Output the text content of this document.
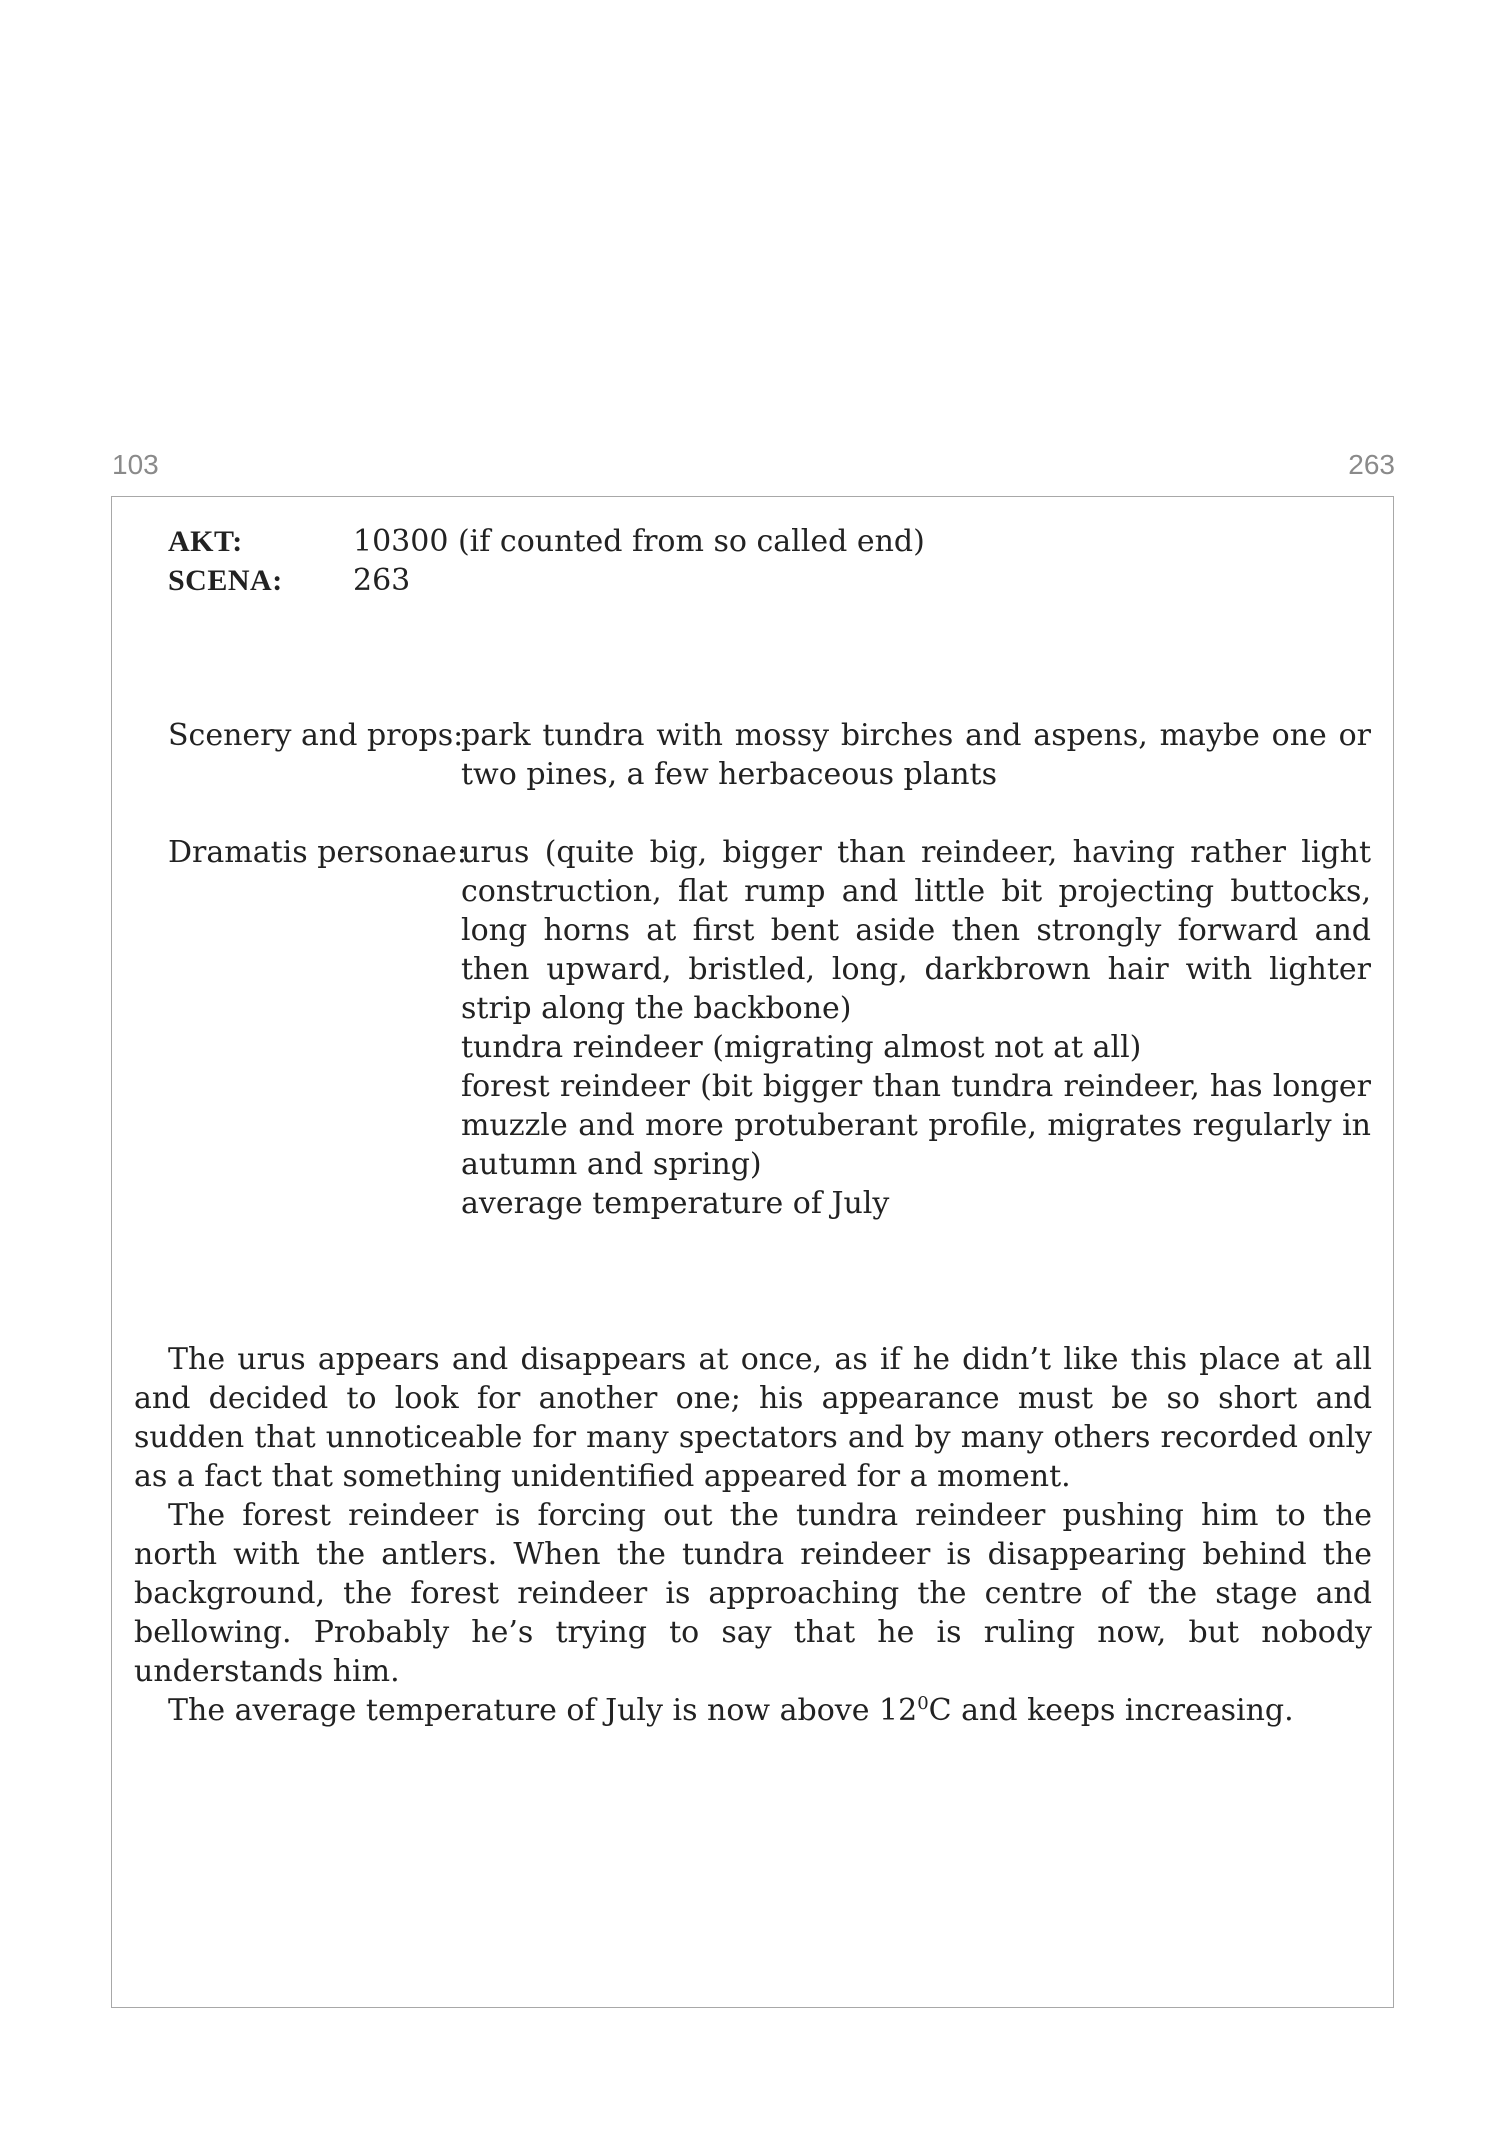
103	263
AKT:	10300 (if counted from so called end)
SCENA:	263
Scenery and props:
park tundra with mossy birches and aspens, maybe one or two pines, a few herbaceous plants
Dramatis personae:
urus (quite big, bigger than reindeer, having rather light construction, flat rump and little bit projecting buttocks, long horns at first bent aside then strongly forward and then upward, bristled, long, darkbrown hair with lighter strip along the backbone)
tundra reindeer (migrating almost not at all)
forest reindeer (bit bigger than tundra reindeer, has longer muzzle and more protuberant profile, migrates regularly in autumn and spring)
average temperature of July

The urus appears and disappears at once, as if he didn’t like this place at all and decided to look for another one; his appearance must be so short and sudden that unnoticeable for many spectators and by many others recorded only as a fact that something unidentified appeared for a moment.

The forest reindeer is forcing out the tundra reindeer pushing him to the north with the antlers. When the tundra reindeer is disappearing behind the background, the forest reindeer is approaching the centre of the stage and bellowing. Probably he’s trying to say that he is ruling now, but nobody understands him.

The average temperature of July is now above $12^0C$ and keeps increasing.
